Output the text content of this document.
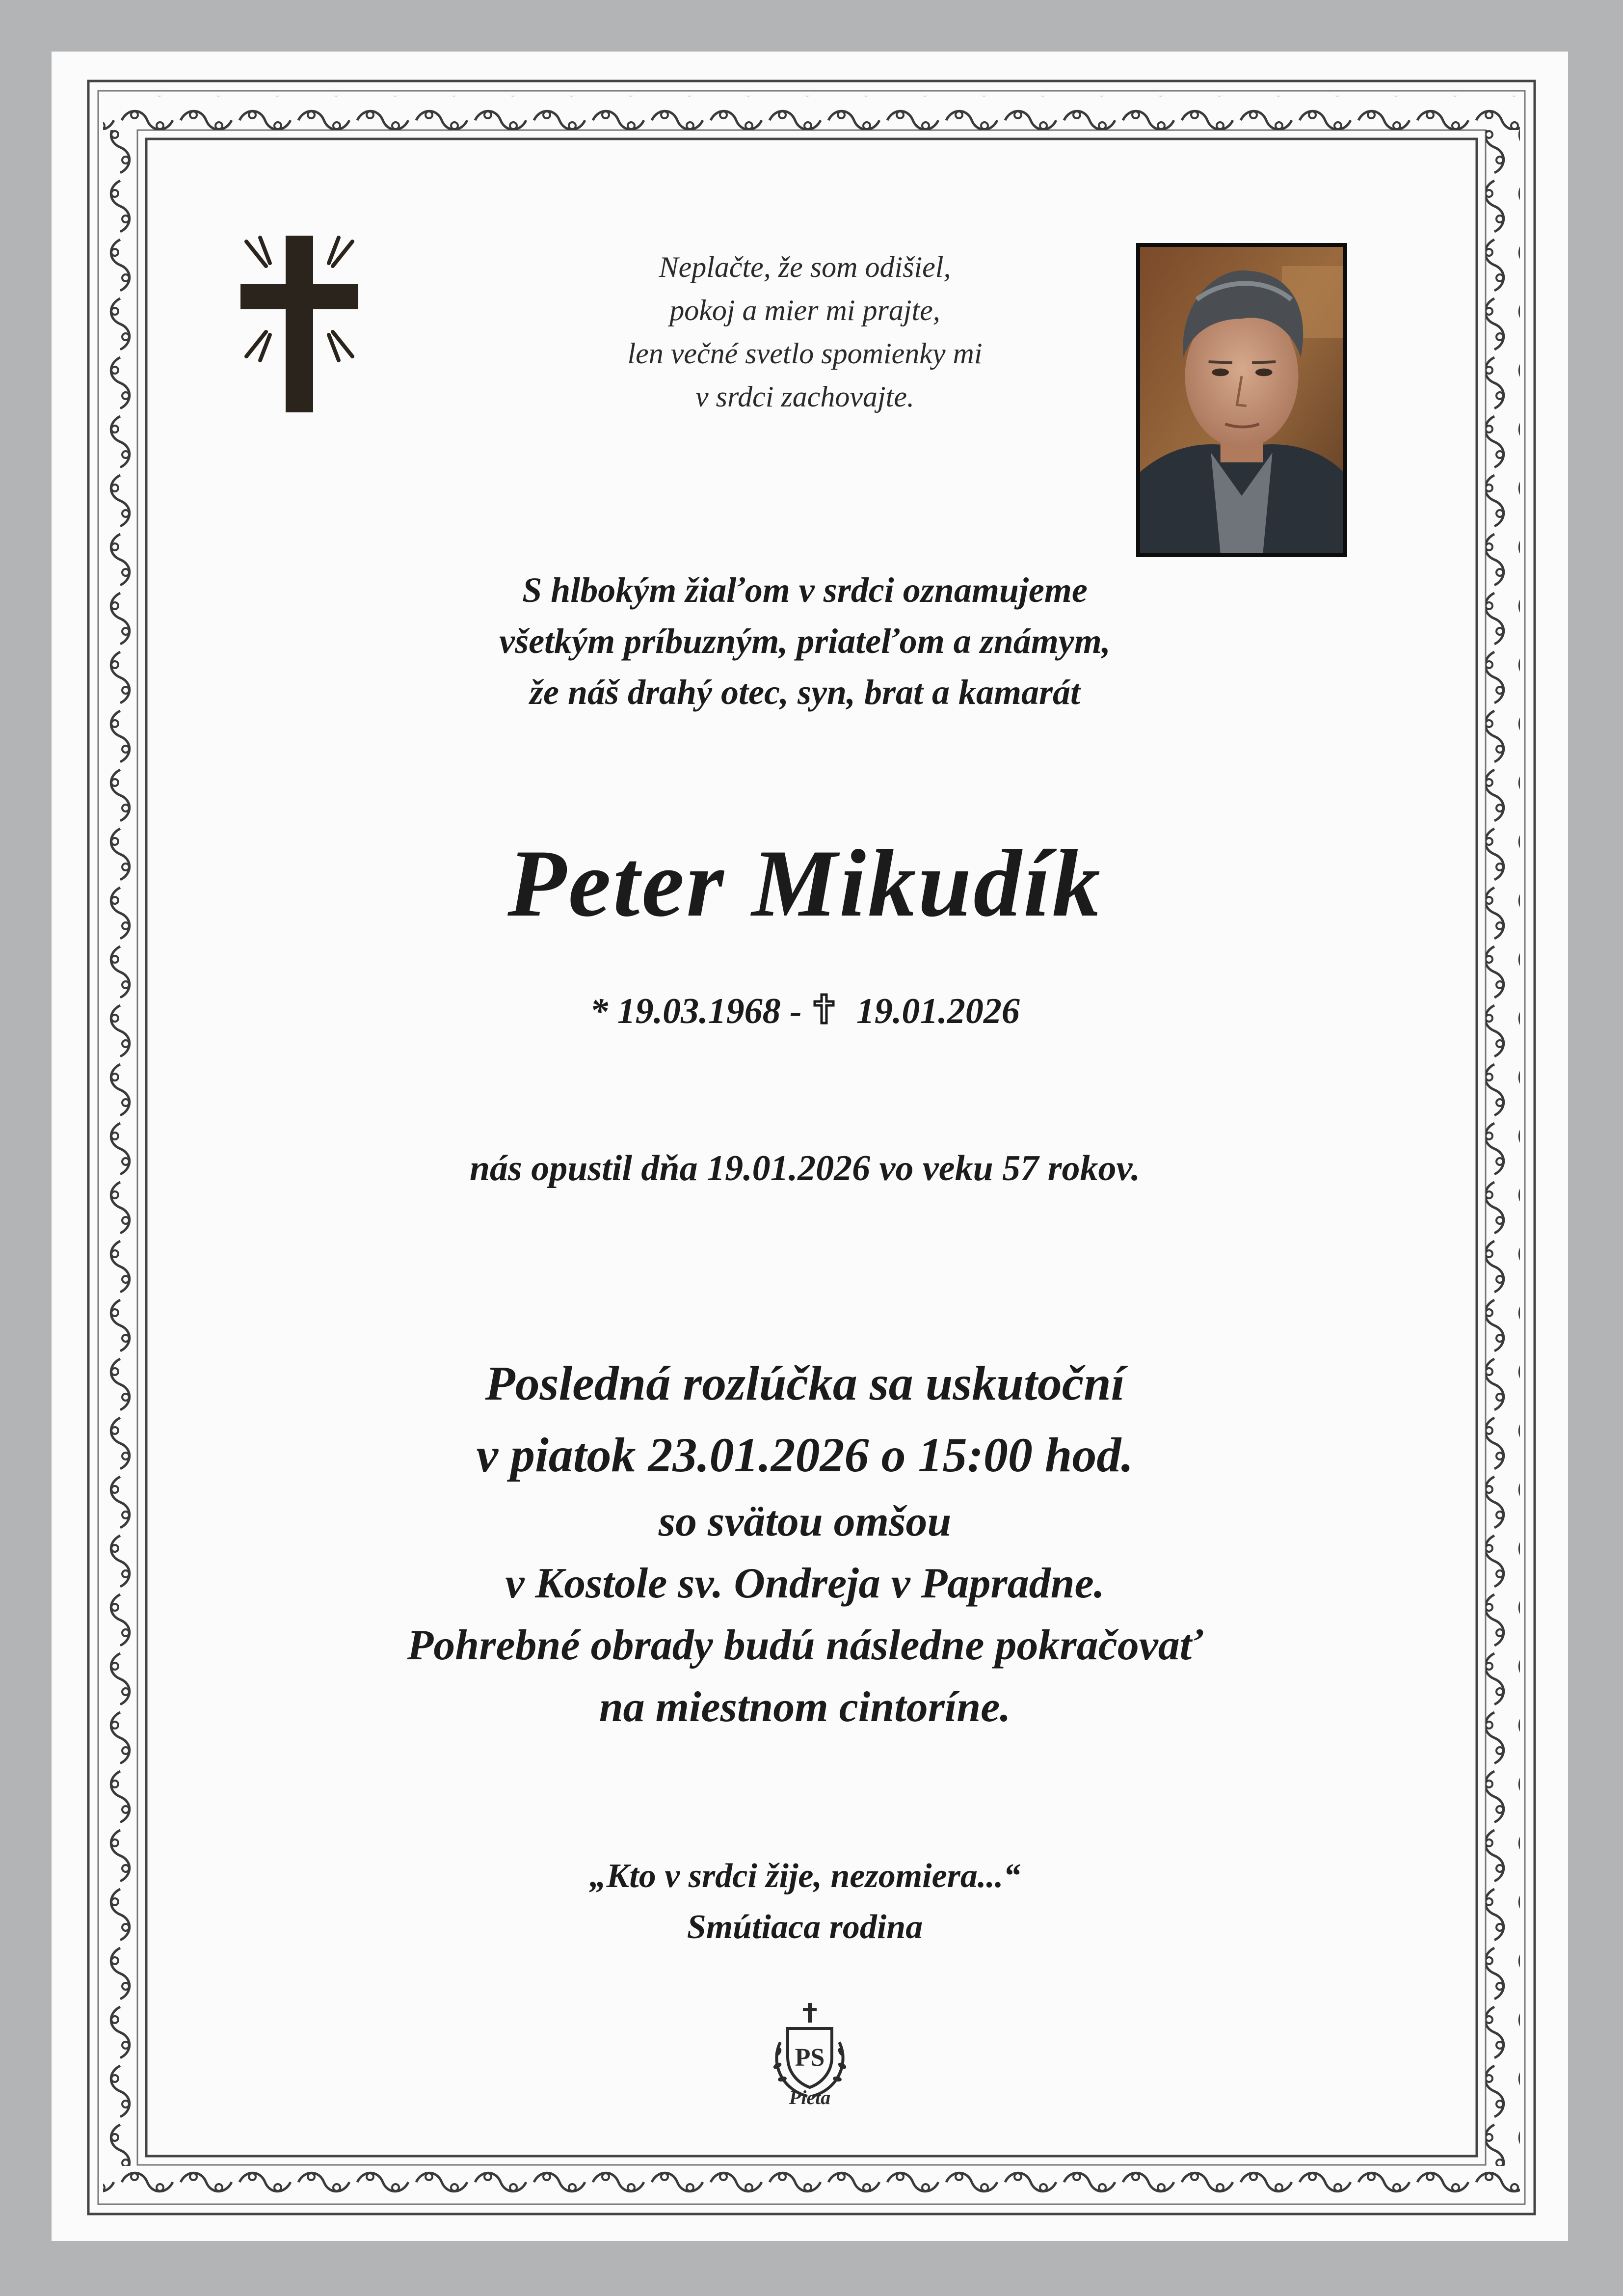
Neplačte, že som odišiel,
pokoj a mier mi prajte,
len večné svetlo spomienky mi
v srdci zachovajte.
S hlbokým žiaľom v srdci oznamujeme
všetkým príbuzným, priateľom a známym,
že náš drahý otec, syn, brat a kamarát
Peter Mikudík
* 19.03.1968 - 19.01.2026
nás opustil dňa 19.01.2026 vo veku 57 rokov.
Posledná rozlúčka sa uskutoční
v piatok 23.01.2026 o 15:00 hod.
so svätou omšou
v Kostole sv. Ondreja v Papradne.
Pohrebné obrady budú následne pokračovať
na miestnom cintoríne.
„Kto v srdci žije, nezomiera...“
Smútiaca rodina
PS
Pieta
